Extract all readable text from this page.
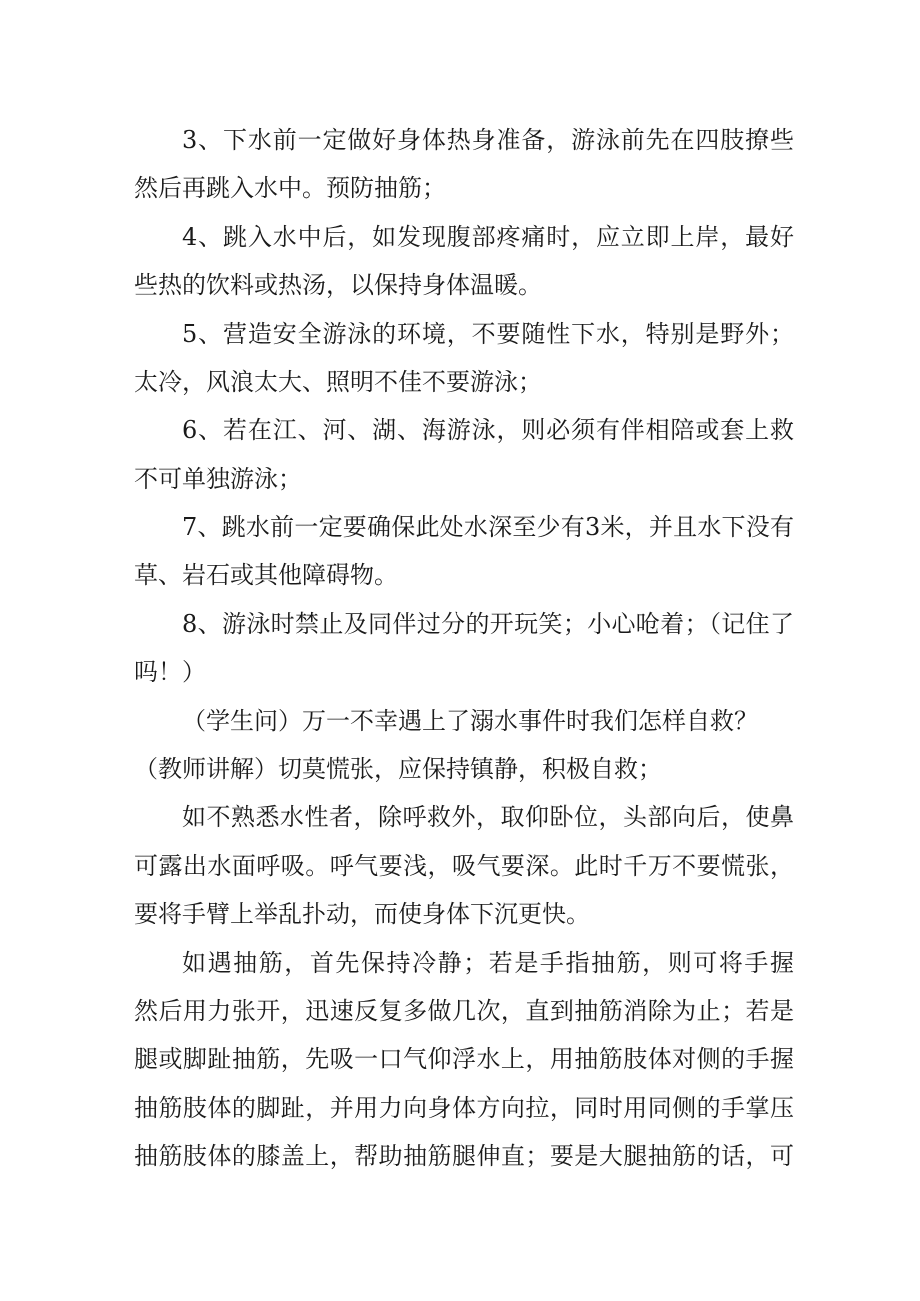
3、下水前一定做好身体热身准备，游泳前先在四肢撩些
然后再跳入水中。预防抽筋；
4、跳入水中后，如发现腹部疼痛时，应立即上岸，最好
些热的饮料或热汤，以保持身体温暖。
5、营造安全游泳的环境，不要随性下水，特别是野外；
太冷，风浪太大、照明不佳不要游泳；
6、若在江、河、湖、海游泳，则必须有伴相陪或套上救
不可单独游泳；
7、跳水前一定要确保此处水深至少有3米，并且水下没有
草、岩石或其他障碍物。
8、游泳时禁止及同伴过分的开玩笑；小心呛着；（记住了
吗！）
（学生问）万一不幸遇上了溺水事件时我们怎样自救？
（教师讲解）切莫慌张，应保持镇静，积极自救；
如不熟悉水性者，除呼救外，取仰卧位，头部向后，使鼻
可露出水面呼吸。呼气要浅，吸气要深。此时千万不要慌张，
要将手臂上举乱扑动，而使身体下沉更快。
如遇抽筋，首先保持冷静；若是手指抽筋，则可将手握
然后用力张开，迅速反复多做几次，直到抽筋消除为止；若是
腿或脚趾抽筋，先吸一口气仰浮水上，用抽筋肢体对侧的手握
抽筋肢体的脚趾，并用力向身体方向拉，同时用同侧的手掌压
抽筋肢体的膝盖上，帮助抽筋腿伸直；要是大腿抽筋的话，可
